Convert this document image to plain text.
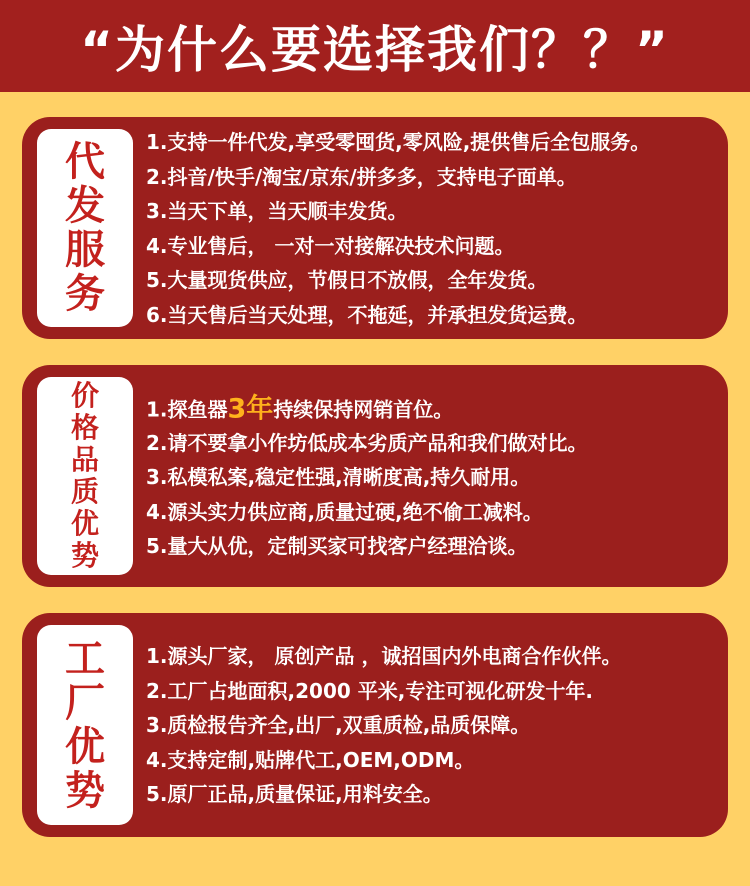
“为什么要选择我们？？”
代
发
服
务
1.支持一件代发,享受零囤货,零风险,提供售后全包服务。
2.抖音/快手/淘宝/京东/拼多多，支持电子面单。
3.当天下单，当天顺丰发货。
4.专业售后， 一对一对接解决技术问题。
5.大量现货供应，节假日不放假，全年发货。
6.当天售后当天处理，不拖延，并承担发货运费。
价
格
品
质
优
势
1.探鱼器3年持续保持网销首位。
2.请不要拿小作坊低成本劣质产品和我们做对比。
3.私模私案,稳定性强,清晰度高,持久耐用。
4.源头实力供应商,质量过硬,绝不偷工减料。
5.量大从优，定制买家可找客户经理洽谈。
工
厂
优
势
1.源头厂家， 原创产品 ，诚招国内外电商合作伙伴。
2.工厂占地面积,2000 平米,专注可视化研发十年.
3.质检报告齐全,出厂,双重质检,品质保障。
4.支持定制,贴牌代工,OEM,ODM。
5.原厂正品,质量保证,用料安全。
